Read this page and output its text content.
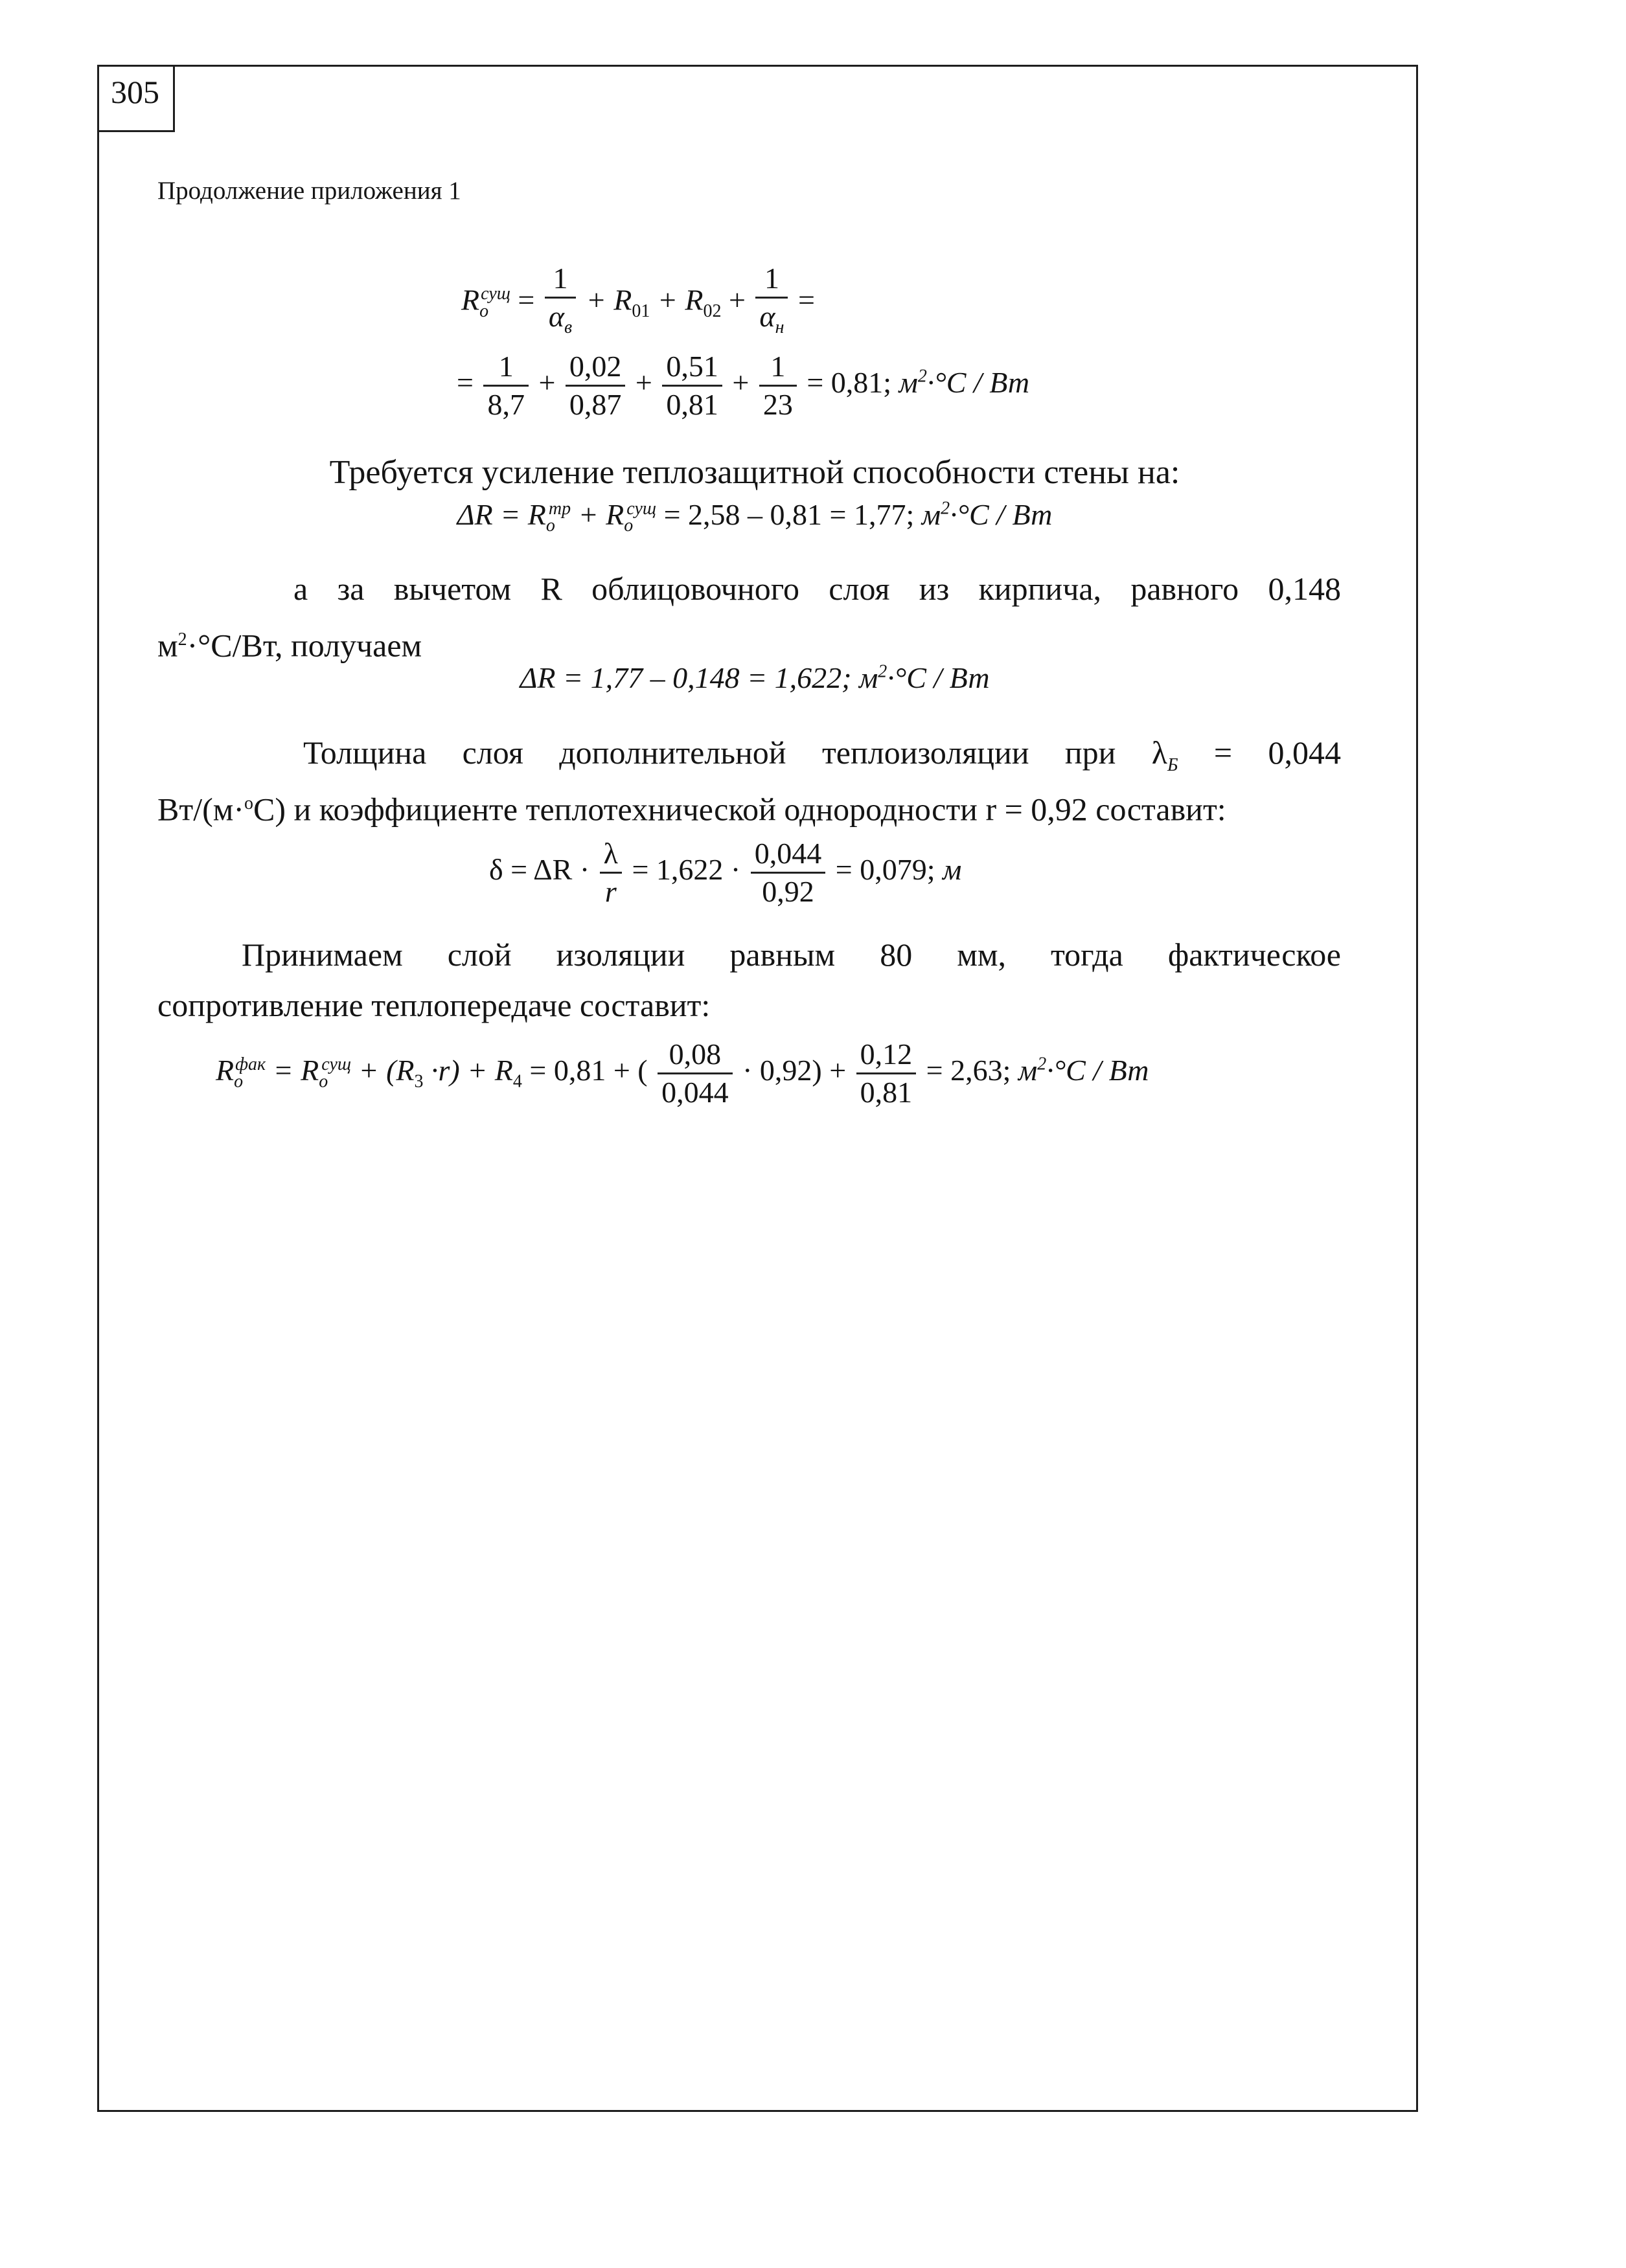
305
Продолжение приложения 1
$R_o^{сущ} = \frac{1}{\alpha_в} + R_{01} + R_{02} + \frac{1}{\alpha_н}$ =
= $\frac{1}{8,7} + \frac{0,02}{0,87} + \frac{0,51}{0,81} + \frac{1}{23} = 0,81$; $м^2\cdot^\circ C$ / Вт
Требуется усиление теплозащитной способности стены на:
$\Delta R = R_o^{тр} + R_o^{сущ} = 2,58 - 0,81 = 1,77$; $м^2\cdot^\circ C$ / Вт
а за вычетом R облицовочного слоя из кирпича, равного 0,148
$м^2\cdot^\circ C/Вт$, получаем
ΔR = 1,77 – 0,148 = 1,622; $м^2\cdot^\circ C$ / Вт
Толщина слоя дополнительной теплоизоляции при $\lambda_Б = 0,044$
Вт/(м·$^о$С) и коэффициенте теплотехнической однородности r = 0,92 составит:
$\delta = \Delta R \cdot \frac{\lambda}{r} = 1,622 \cdot \frac{0,044}{0,92} = 0,079$; м
Принимаем слой изоляции равным 80 мм, тогда фактическое
сопротивление теплопередаче составит:
$R_o^{фак} = R_o^{сущ} + (R_3 \cdot r) + R_4 = 0,81$ + ( $\frac{0,08}{0,044} \cdot 0,92) + \frac{0,12}{0,81} = 2,63$; $м^2\cdot^\circ C$ / Вт
